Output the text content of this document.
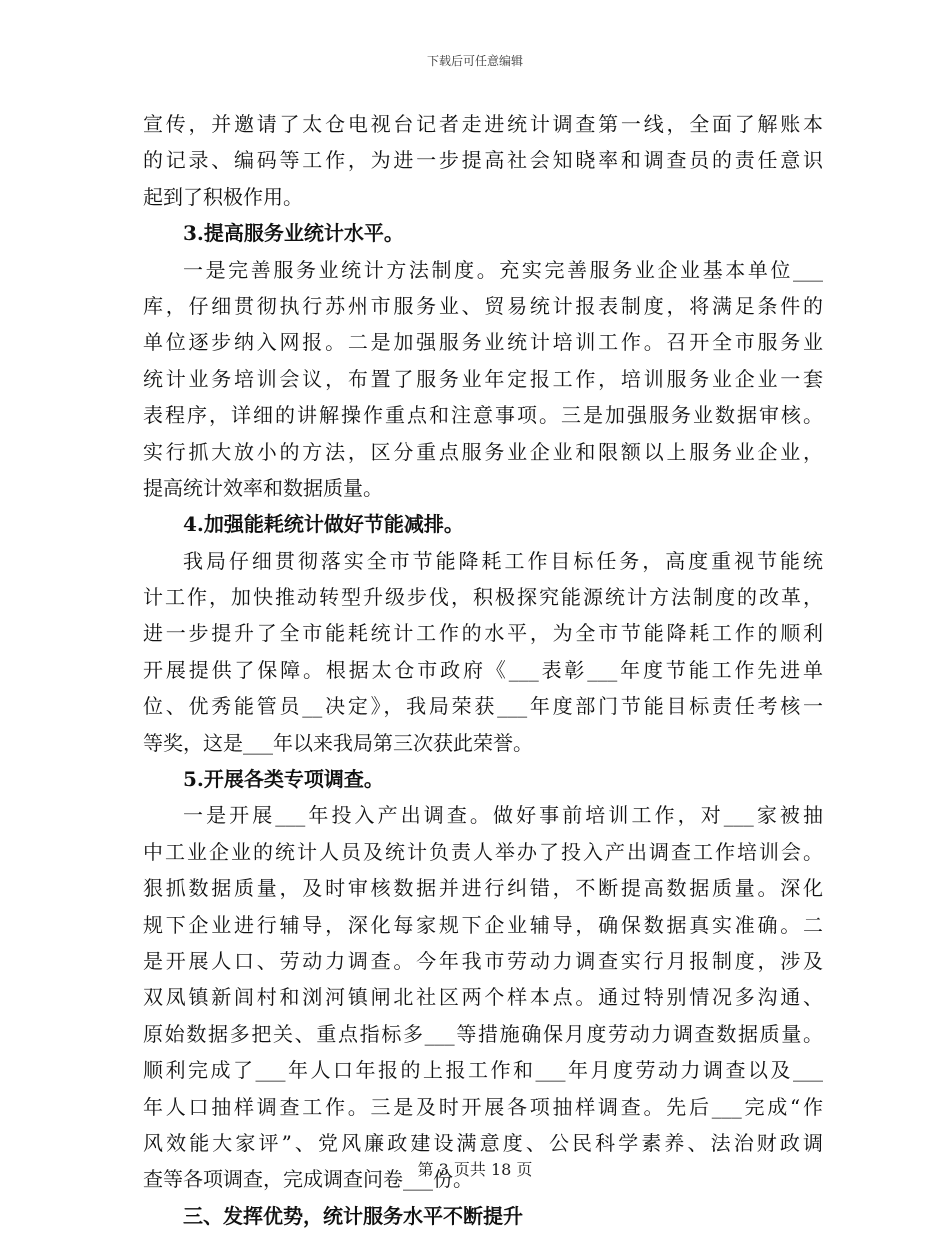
下载后可任意编辑
宣传，并邀请了太仓电视台记者走进统计调查第一线，全面了解账本
的记录、编码等工作，为进一步提高社会知晓率和调查员的责任意识
起到了积极作用。
3.提高服务业统计水平。
一是完善服务业统计方法制度。充实完善服务业企业基本单位___
库，仔细贯彻执行苏州市服务业、贸易统计报表制度，将满足条件的
单位逐步纳入网报。二是加强服务业统计培训工作。召开全市服务业
统计业务培训会议，布置了服务业年定报工作，培训服务业企业一套
表程序，详细的讲解操作重点和注意事项。三是加强服务业数据审核。
实行抓大放小的方法，区分重点服务业企业和限额以上服务业企业，
提高统计效率和数据质量。
4.加强能耗统计做好节能减排。
我局仔细贯彻落实全市节能降耗工作目标任务，高度重视节能统
计工作，加快推动转型升级步伐，积极探究能源统计方法制度的改革，
进一步提升了全市能耗统计工作的水平，为全市节能降耗工作的顺利
开展提供了保障。根据太仓市政府《___表彰___年度节能工作先进单
位、优秀能管员__决定》，我局荣获___年度部门节能目标责任考核一
等奖，这是___年以来我局第三次获此荣誉。
5.开展各类专项调查。
一是开展___年投入产出调查。做好事前培训工作，对___家被抽
中工业企业的统计人员及统计负责人举办了投入产出调查工作培训会。
狠抓数据质量，及时审核数据并进行纠错，不断提高数据质量。深化
规下企业进行辅导，深化每家规下企业辅导，确保数据真实准确。二
是开展人口、劳动力调查。今年我市劳动力调查实行月报制度，涉及
双凤镇新闾村和浏河镇闸北社区两个样本点。通过特别情况多沟通、
原始数据多把关、重点指标多___等措施确保月度劳动力调查数据质量。
顺利完成了___年人口年报的上报工作和___年月度劳动力调查以及___
年人口抽样调查工作。三是及时开展各项抽样调查。先后___完成“作
风效能大家评”、党风廉政建设满意度、公民科学素养、法治财政调
查等各项调查，完成调查问卷___份。
三、发挥优势，统计服务水平不断提升
第 3 页共 18 页
